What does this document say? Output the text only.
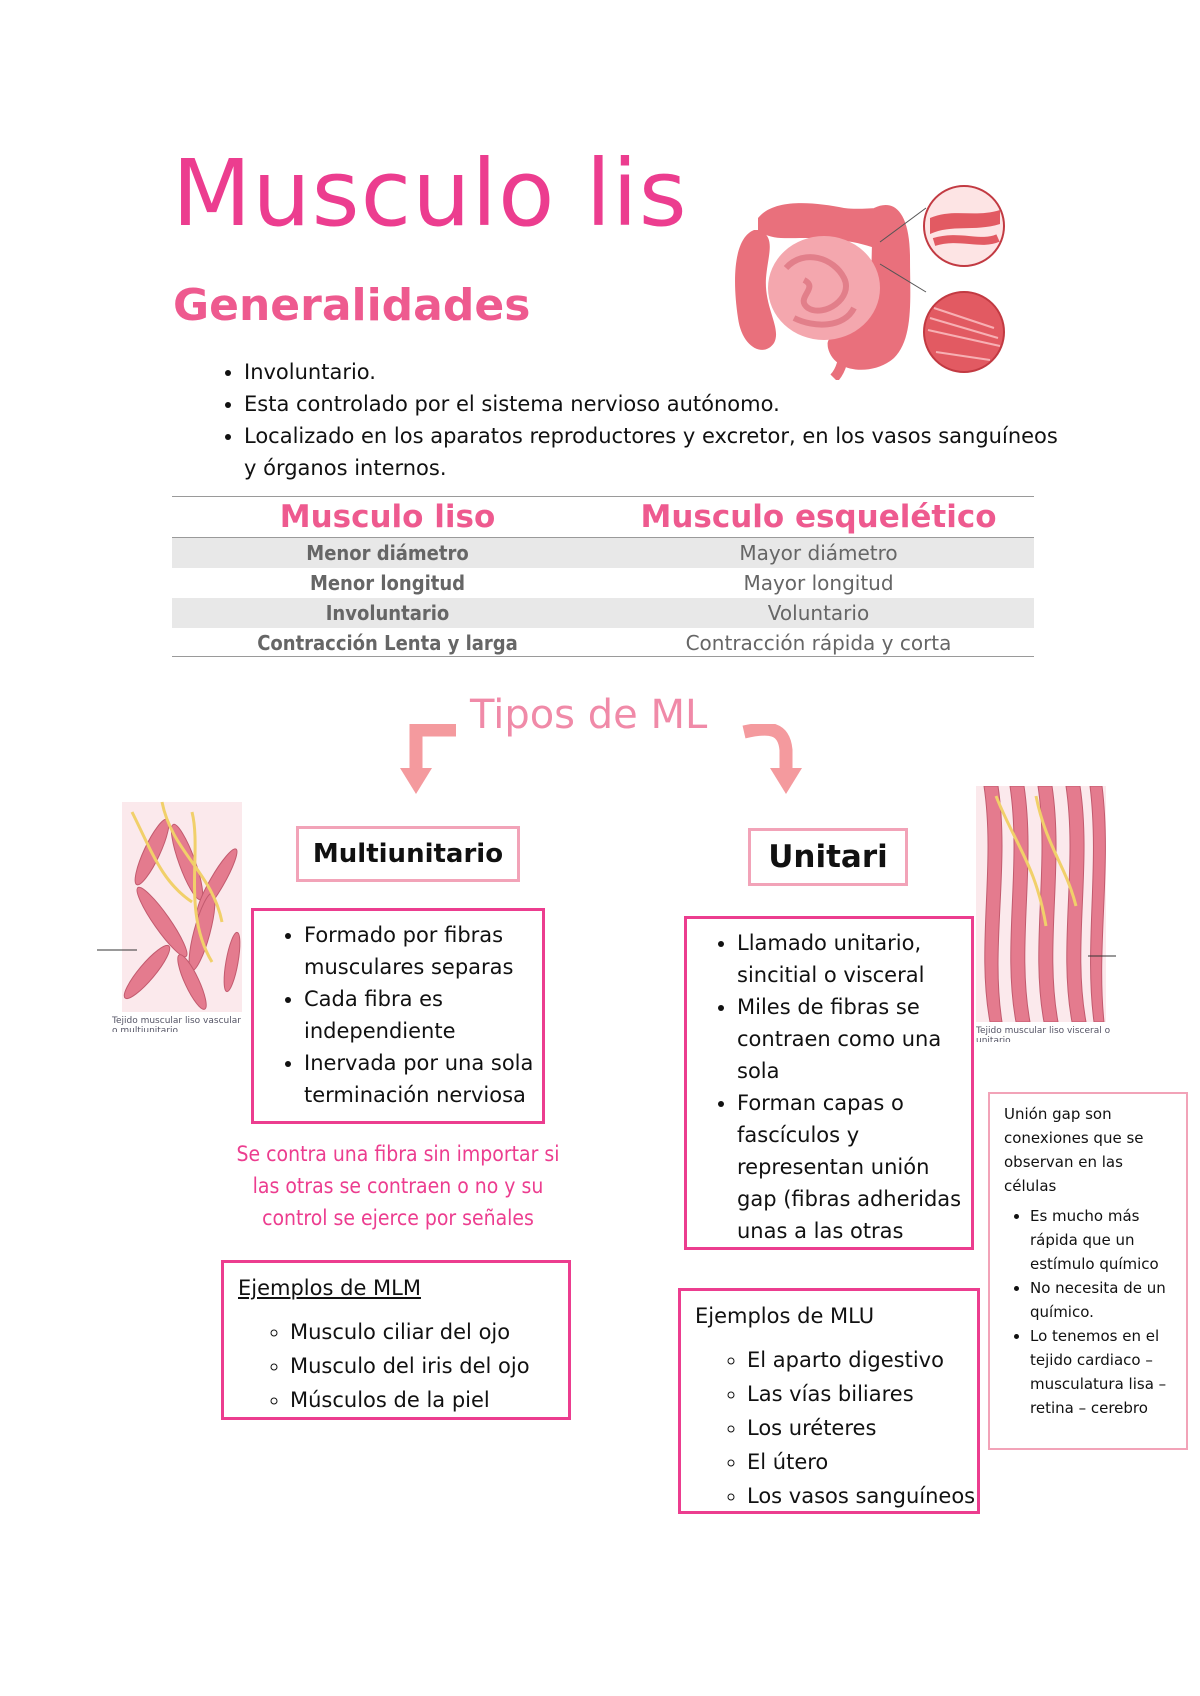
Musculo lis
Generalidades
• Involuntario.
• Esta controlado por el sistema nervioso autónomo.
• Localizado en los aparatos reproductores y excretor, en los vasos sanguíneos y órganos internos.
Musculo liso	Musculo esquelético
Menor diámetro	Mayor diámetro
Menor longitud	Mayor longitud
Involuntario	Voluntario
Contracción Lenta y larga	Contracción rápida y corta
Tipos de ML
Tejido muscular liso vascular
o multiunitario	Tejido muscular liso visceral o
unitario
Multiunitario
• Formado por fibras musculares separas
• Cada fibra es independiente
• Inervada por una sola terminación nerviosa
Se contra una fibra sin importar si las otras se contraen o no y su control se ejerce por señales
Ejemplos de MLM
◦ Musculo ciliar del ojo
◦ Musculo del iris del ojo
◦ Músculos de la piel
Unitari
• Llamado unitario, sincitial o visceral
• Miles de fibras se contraen como una sola
• Forman capas o fascículos y representan unión gap (fibras adheridas unas a las otras
Ejemplos de MLU
◦ El aparto digestivo
◦ Las vías biliares
◦ Los uréteres
◦ El útero
◦ Los vasos sanguíneos
Unión gap son conexiones que se observan en las células
• Es mucho más rápida que un estímulo químico
• No necesita de un químico.
• Lo tenemos en el tejido cardiaco – musculatura lisa – retina – cerebro
